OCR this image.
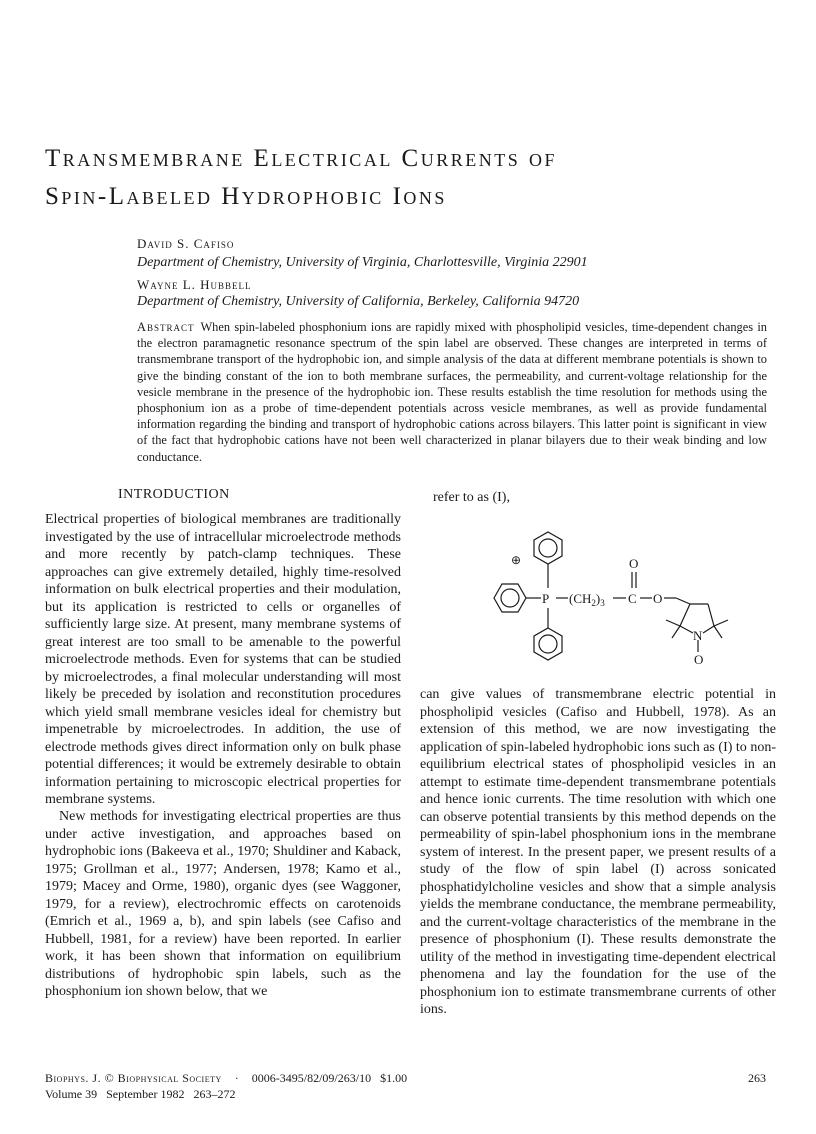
Transmembrane Electrical Currents of
Spin-Labeled Hydrophobic Ions
David S. Cafiso
Department of Chemistry, University of Virginia, Charlottesville, Virginia 22901
Wayne L. Hubbell
Department of Chemistry, University of California, Berkeley, California 94720

Abstract When spin-labeled phosphonium ions are rapidly mixed with phospholipid vesicles, time-dependent changes in the electron paramagnetic resonance spectrum of the spin label are observed. These changes are interpreted in terms of transmembrane transport of the hydrophobic ion, and simple analysis of the data at different membrane potentials is shown to give the binding constant of the ion to both membrane surfaces, the permeability, and current-voltage relationship for the vesicle membrane in the presence of the hydrophobic ion. These results establish the time resolution for methods using the phosphonium ion as a probe of time-dependent potentials across vesicle membranes, as well as provide fundamental information regarding the binding and transport of hydrophobic cations across bilayers. This latter point is significant in view of the fact that hydrophobic cations have not been well characterized in planar bilayers due to their weak binding and low conductance.

INTRODUCTION

Electrical properties of biological membranes are traditionally investigated by the use of intracellular microelectrode methods and more recently by patch-clamp techniques. These approaches can give extremely detailed, highly time-resolved information on bulk electrical properties and their modulation, but its application is restricted to cells or organelles of sufficiently large size. At present, many membrane systems of great interest are too small to be amenable to the powerful microelectrode methods. Even for systems that can be studied by microelectrodes, a final molecular understanding will most likely be preceded by isolation and reconstitution procedures which yield small membrane vesicles ideal for chemistry but impenetrable by microelectrodes. In addition, the use of electrode methods gives direct information only on bulk phase potential differences; it would be extremely desirable to obtain information pertaining to microscopic electrical properties for membrane systems.

New methods for investigating electrical properties are thus under active investigation, and approaches based on hydrophobic ions (Bakeeva et al., 1970; Shuldiner and Kaback, 1975; Grollman et al., 1977; Andersen, 1978; Kamo et al., 1979; Macey and Orme, 1980), organic dyes (see Waggoner, 1979, for a review), electrochromic effects on carotenoids (Emrich et al., 1969 a, b), and spin labels (see Cafiso and Hubbell, 1981, for a review) have been reported. In earlier work, it has been shown that information on equilibrium distributions of hydrophobic spin labels, such as the phosphonium ion shown below, that we

refer to as (I),

⊕
P $(CH_2)_3$ C
O
O
N
O

can give values of transmembrane electric potential in phospholipid vesicles (Cafiso and Hubbell, 1978). As an extension of this method, we are now investigating the application of spin-labeled hydrophobic ions such as (I) to non-equilibrium electrical states of phospholipid vesicles in an attempt to estimate time-dependent transmembrane potentials and hence ionic currents. The time resolution with which one can observe potential transients by this method depends on the permeability of spin-label phosphonium ions in the membrane system of interest. In the present paper, we present results of a study of the flow of spin label (I) across sonicated phosphatidylcholine vesicles and show that a simple analysis yields the membrane conductance, the membrane permeability, and the current-voltage characteristics of the membrane in the presence of phosphonium (I). These results demonstrate the utility of the method in investigating time-dependent electrical phenomena and lay the foundation for the use of the phosphonium ion to estimate transmembrane currents of other ions.

Biophys. J. © Biophysical Society · 0006-3495/82/09/263/10 $1.00	263
Volume 39 September 1982 263–272
